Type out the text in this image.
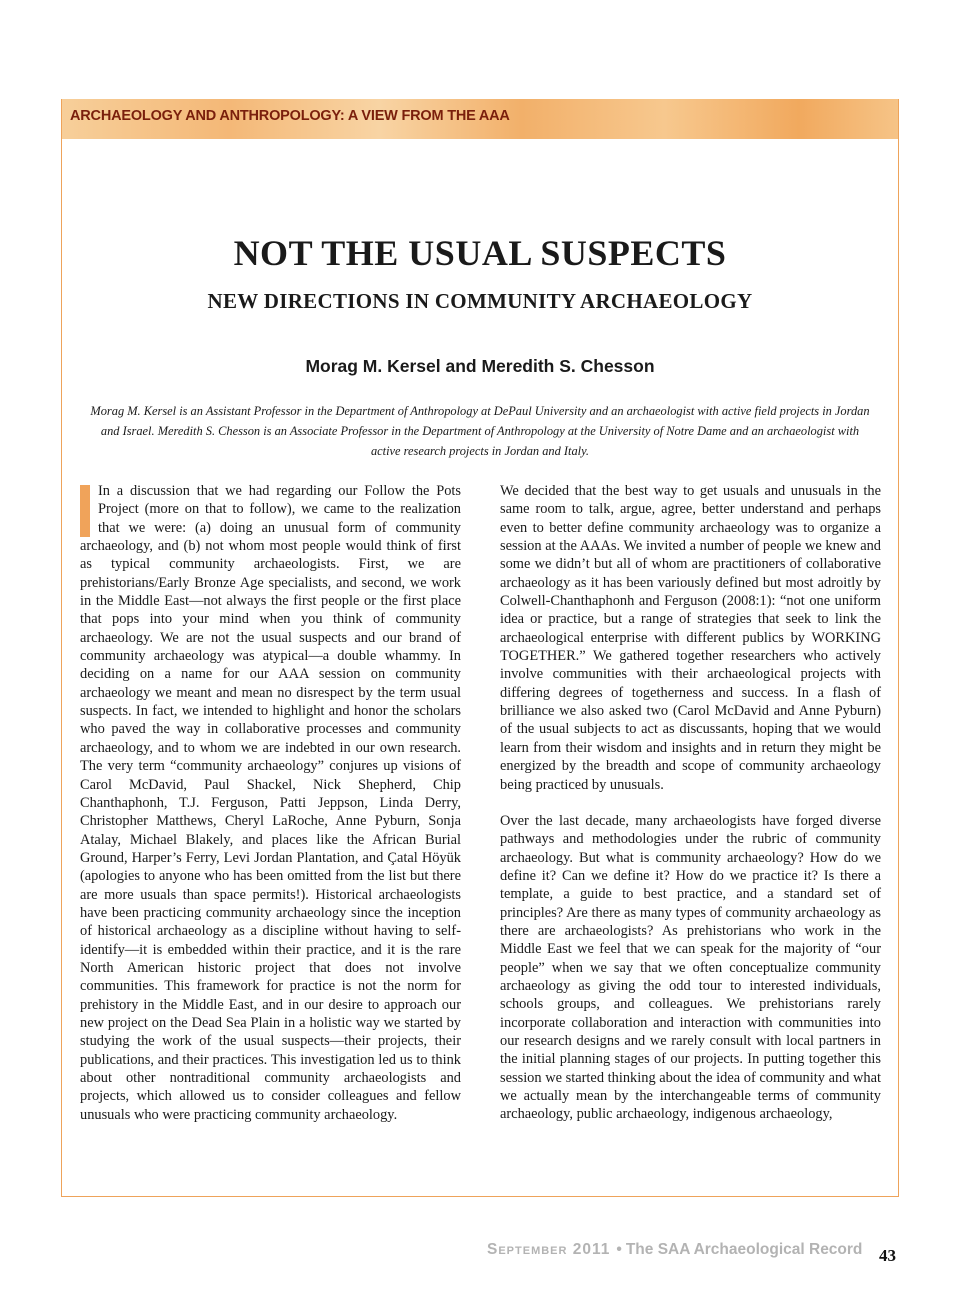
ARCHAEOLOGY AND ANTHROPOLOGY: A VIEW FROM THE AAA
NOT THE USUAL SUSPECTS
NEW DIRECTIONS IN COMMUNITY ARCHAEOLOGY
Morag M. Kersel and Meredith S. Chesson
Morag M. Kersel is an Assistant Professor in the Department of Anthropology at DePaul University and an archaeologist with active field projects in Jordan and Israel. Meredith S. Chesson is an Associate Professor in the Department of Anthropology at the University of Notre Dame and an archaeologist with active research projects in Jordan and Italy.

In a discussion that we had regarding our Follow the Pots Project (more on that to follow), we came to the realization that we were: (a) doing an unusual form of community archaeology, and (b) not whom most people would think of first as typical community archaeologists. First, we are prehistorians/Early Bronze Age specialists, and second, we work in the Middle East—not always the first people or the first place that pops into your mind when you think of community archaeology. We are not the usual suspects and our brand of community archaeology was atypical—a double whammy. In deciding on a name for our AAA session on community archaeology we meant and mean no disrespect by the term usual suspects. In fact, we intended to highlight and honor the scholars who paved the way in collaborative processes and community archaeology, and to whom we are indebted in our own research. The very term “community archaeology” conjures up visions of Carol McDavid, Paul Shackel, Nick Shepherd, Chip Chanthaphonh, T.J. Ferguson, Patti Jeppson, Linda Derry, Christopher Matthews, Cheryl LaRoche, Anne Pyburn, Sonja Atalay, Michael Blakely, and places like the African Burial Ground, Harper’s Ferry, Levi Jordan Plantation, and Çatal Höyük (apologies to anyone who has been omitted from the list but there are more usuals than space permits!). Historical archaeologists have been practicing community archaeology since the inception of historical archaeology as a discipline without having to self-identify—it is embedded within their practice, and it is the rare North American historic project that does not involve communities. This framework for practice is not the norm for prehistory in the Middle East, and in our desire to approach our new project on the Dead Sea Plain in a holistic way we started by studying the work of the usual suspects—their projects, their publications, and their practices. This investigation led us to think about other nontraditional community archaeologists and projects, which allowed us to consider colleagues and fellow unusuals who were practicing community archaeology.

We decided that the best way to get usuals and unusuals in the same room to talk, argue, agree, better understand and perhaps even to better define community archaeology was to organize a session at the AAAs. We invited a number of people we knew and some we didn’t but all of whom are practitioners of collaborative archaeology as it has been variously defined but most adroitly by Colwell-Chanthaphonh and Ferguson (2008:1): “not one uniform idea or practice, but a range of strategies that seek to link the archaeological enterprise with different publics by WORKING TOGETHER.” We gathered together researchers who actively involve communities with their archaeological projects with differing degrees of togetherness and success. In a flash of brilliance we also asked two (Carol McDavid and Anne Pyburn) of the usual subjects to act as discussants, hoping that we would learn from their wisdom and insights and in return they might be energized by the breadth and scope of community archaeology being practiced by unusuals.

Over the last decade, many archaeologists have forged diverse pathways and methodologies under the rubric of community archaeology. But what is community archaeology? How do we define it? Can we define it? How do we practice it? Is there a template, a guide to best practice, and a standard set of principles? Are there as many types of community archaeology as there are archaeologists? As prehistorians who work in the Middle East we feel that we can speak for the majority of “our people” when we say that we often conceptualize community archaeology as giving the odd tour to interested individuals, schools groups, and colleagues. We prehistorians rarely incorporate collaboration and interaction with communities into our research designs and we rarely consult with local partners in the initial planning stages of our projects. In putting together this session we started thinking about the idea of community and what we actually mean by the interchangeable terms of community archaeology, public archaeology, indigenous archaeology,

September 2011 • The SAA Archaeological Record 43
